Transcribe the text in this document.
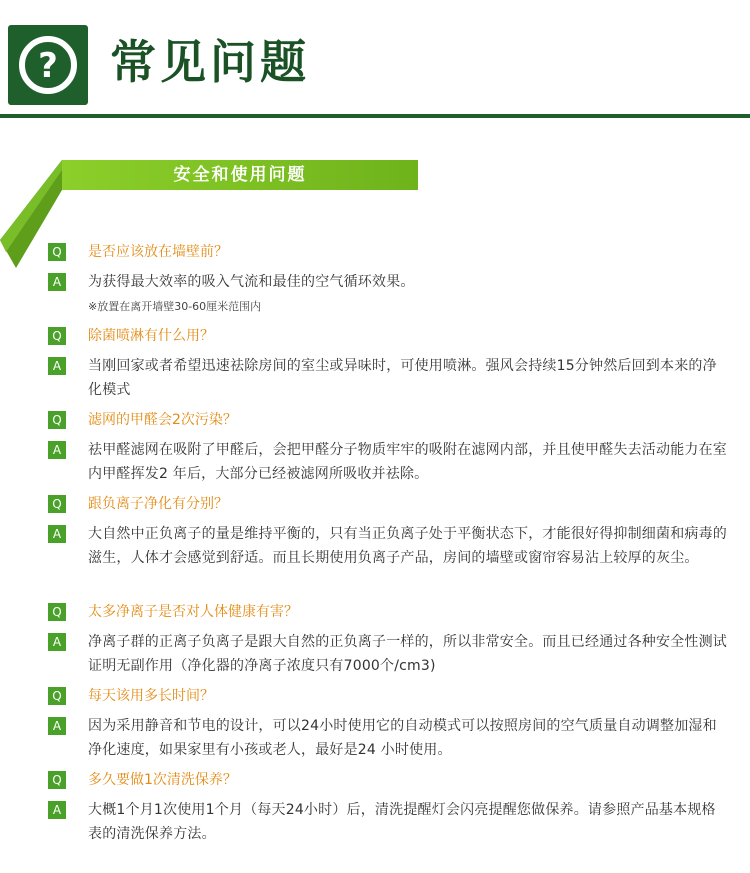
? 常见问题
安全和使用问题
Q	是否应该放在墙壁前？
A	为获得最大效率的吸入气流和最佳的空气循环效果。
※放置在离开墙壁30-60厘米范围内
Q	除菌喷淋有什么用？
A	当刚回家或者希望迅速祛除房间的室尘或异味时，可使用喷淋。强风会持续15分钟然后回到本来的净化模式
Q	滤网的甲醛会2次污染？
A	祛甲醛滤网在吸附了甲醛后，会把甲醛分子物质牢牢的吸附在滤网内部，并且使甲醛失去活动能力在室内甲醛挥发2 年后，大部分已经被滤网所吸收并祛除。
Q	跟负离子净化有分别？
A	大自然中正负离子的量是维持平衡的，只有当正负离子处于平衡状态下，才能很好得抑制细菌和病毒的滋生，人体才会感觉到舒适。而且长期使用负离子产品，房间的墙壁或窗帘容易沾上较厚的灰尘。
Q	太多净离子是否对人体健康有害？
A	净离子群的正离子负离子是跟大自然的正负离子一样的，所以非常安全。而且已经通过各种安全性测试证明无副作用（净化器的净离子浓度只有7000个/cm3)
Q	每天该用多长时间？
A	因为采用静音和节电的设计，可以24小时使用它的自动模式可以按照房间的空气质量自动调整加湿和净化速度，如果家里有小孩或老人，最好是24 小时使用。
Q	多久要做1次清洗保养？
A	大概1个月1次使用1个月（每天24小时）后，清洗提醒灯会闪亮提醒您做保养。请参照产品基本规格表的清洗保养方法。
